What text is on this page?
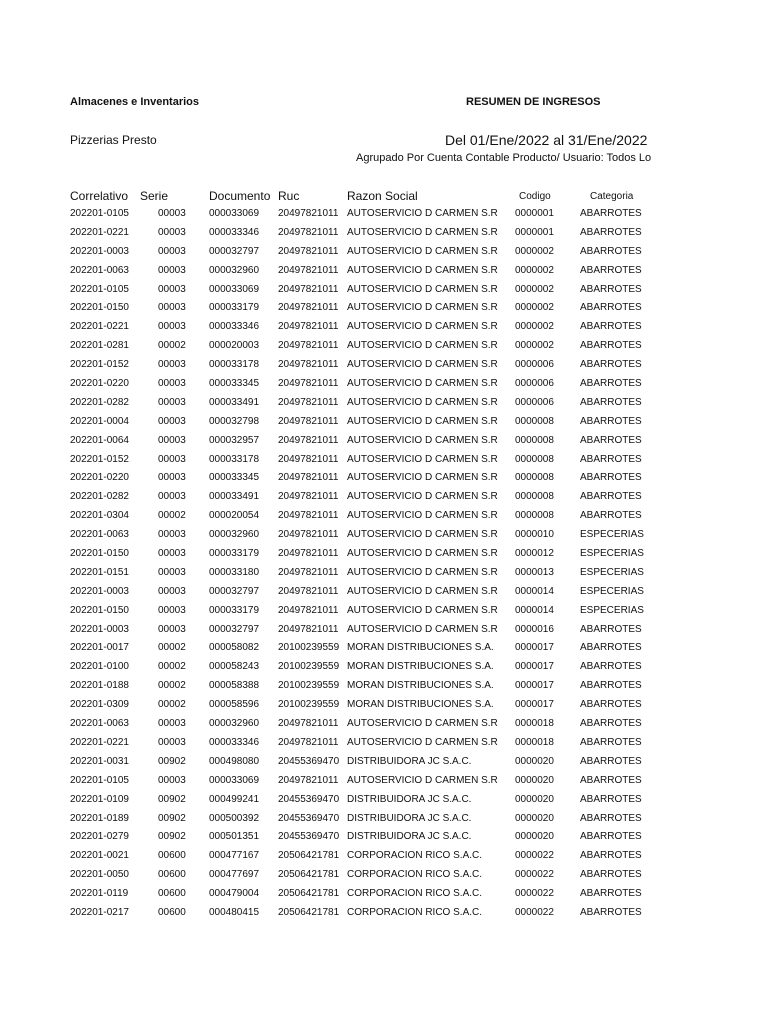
Almacenes e Inventarios	RESUMEN DE INGRESOS
Pizzerias Presto	Del 01/Ene/2022 al 31/Ene/2022
Agrupado Por Cuenta Contable Producto/ Usuario: Todos Lo
Correlativo Serie	Documento Ruc	Razon Social	Codigo	Categoria
202201-0105	00003 000033069 20497821011 AUTOSERVICIO D CARMEN S.R 0000001	ABARROTES
202201-0221	00003 000033346 20497821011 AUTOSERVICIO D CARMEN S.R 0000001	ABARROTES
202201-0003	00003 000032797 20497821011 AUTOSERVICIO D CARMEN S.R 0000002	ABARROTES
202201-0063	00003 000032960 20497821011 AUTOSERVICIO D CARMEN S.R 0000002	ABARROTES
202201-0105	00003 000033069 20497821011 AUTOSERVICIO D CARMEN S.R 0000002	ABARROTES
202201-0150	00003 000033179 20497821011 AUTOSERVICIO D CARMEN S.R 0000002	ABARROTES
202201-0221	00003 000033346 20497821011 AUTOSERVICIO D CARMEN S.R 0000002	ABARROTES
202201-0281	00002 000020003 20497821011 AUTOSERVICIO D CARMEN S.R 0000002	ABARROTES
202201-0152	00003 000033178 20497821011 AUTOSERVICIO D CARMEN S.R 0000006	ABARROTES
202201-0220	00003 000033345 20497821011 AUTOSERVICIO D CARMEN S.R 0000006	ABARROTES
202201-0282	00003 000033491 20497821011 AUTOSERVICIO D CARMEN S.R 0000006	ABARROTES
202201-0004	00003 000032798 20497821011 AUTOSERVICIO D CARMEN S.R 0000008	ABARROTES
202201-0064	00003 000032957 20497821011 AUTOSERVICIO D CARMEN S.R 0000008	ABARROTES
202201-0152	00003 000033178 20497821011 AUTOSERVICIO D CARMEN S.R 0000008	ABARROTES
202201-0220	00003 000033345 20497821011 AUTOSERVICIO D CARMEN S.R 0000008	ABARROTES
202201-0282	00003 000033491 20497821011 AUTOSERVICIO D CARMEN S.R 0000008	ABARROTES
202201-0304	00002 000020054 20497821011 AUTOSERVICIO D CARMEN S.R 0000008	ABARROTES
202201-0063	00003 000032960 20497821011 AUTOSERVICIO D CARMEN S.R 0000010	ESPECERIAS
202201-0150	00003 000033179 20497821011 AUTOSERVICIO D CARMEN S.R 0000012	ESPECERIAS
202201-0151	00003 000033180 20497821011 AUTOSERVICIO D CARMEN S.R 0000013	ESPECERIAS
202201-0003	00003 000032797 20497821011 AUTOSERVICIO D CARMEN S.R 0000014	ESPECERIAS
202201-0150	00003 000033179 20497821011 AUTOSERVICIO D CARMEN S.R 0000014	ESPECERIAS
202201-0003	00003 000032797 20497821011 AUTOSERVICIO D CARMEN S.R 0000016	ABARROTES
202201-0017	00002 000058082 20100239559 MORAN DISTRIBUCIONES S.A. 0000017	ABARROTES
202201-0100	00002 000058243 20100239559 MORAN DISTRIBUCIONES S.A. 0000017	ABARROTES
202201-0188	00002 000058388 20100239559 MORAN DISTRIBUCIONES S.A. 0000017	ABARROTES
202201-0309	00002 000058596 20100239559 MORAN DISTRIBUCIONES S.A. 0000017	ABARROTES
202201-0063	00003 000032960 20497821011 AUTOSERVICIO D CARMEN S.R 0000018	ABARROTES
202201-0221	00003 000033346 20497821011 AUTOSERVICIO D CARMEN S.R 0000018	ABARROTES
202201-0031	00902 000498080 20455369470 DISTRIBUIDORA JC S.A.C.	0000020	ABARROTES
202201-0105	00003 000033069 20497821011 AUTOSERVICIO D CARMEN S.R 0000020	ABARROTES
202201-0109	00902 000499241 20455369470 DISTRIBUIDORA JC S.A.C.	0000020	ABARROTES
202201-0189	00902 000500392 20455369470 DISTRIBUIDORA JC S.A.C.	0000020	ABARROTES
202201-0279	00902 000501351 20455369470 DISTRIBUIDORA JC S.A.C.	0000020	ABARROTES
202201-0021	00600 000477167 20506421781 CORPORACION RICO S.A.C.	0000022	ABARROTES
202201-0050	00600 000477697 20506421781 CORPORACION RICO S.A.C.	0000022	ABARROTES
202201-0119	00600 000479004 20506421781 CORPORACION RICO S.A.C.	0000022	ABARROTES
202201-0217	00600 000480415 20506421781 CORPORACION RICO S.A.C.	0000022	ABARROTES
